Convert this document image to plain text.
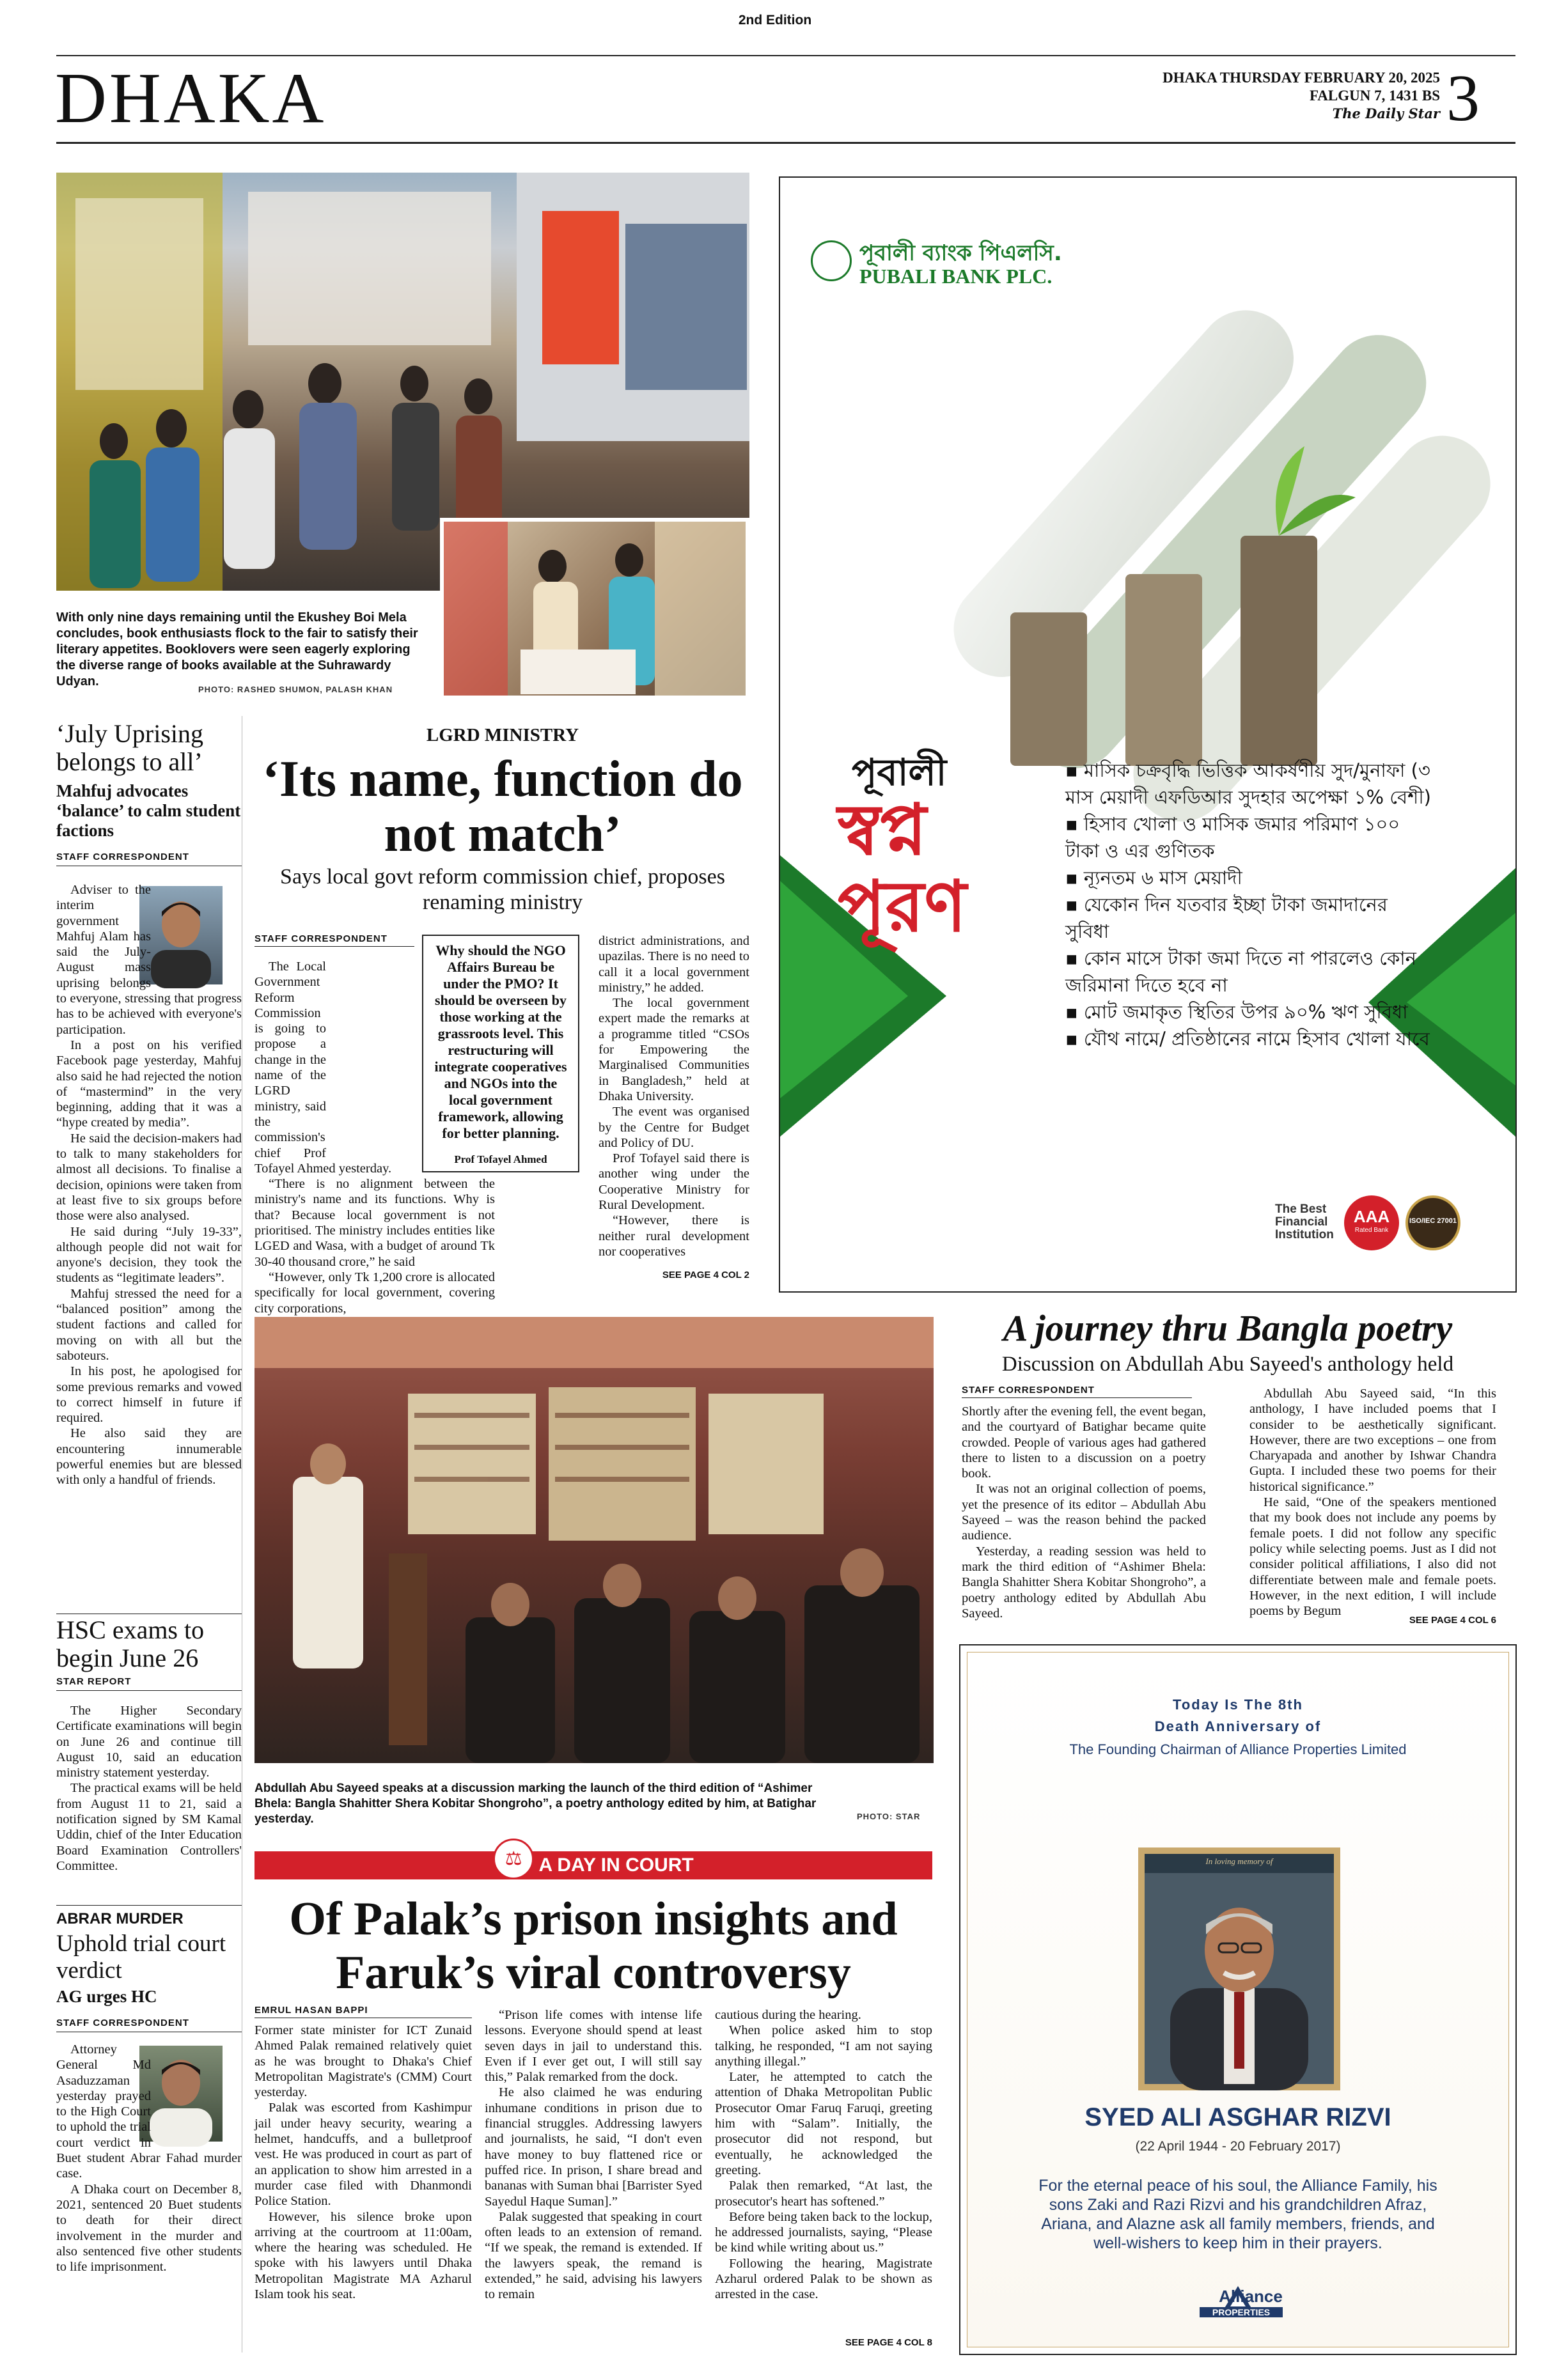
2nd Edition
DHAKA	DHAKA THURSDAY FEBRUARY 20, 2025
FALGUN 7, 1431 BS
The Daily Star 3
With only nine days remaining until the Ekushey Boi Mela concludes, book enthusiasts flock to the fair to satisfy their literary appetites. Booklovers were seen eagerly exploring the diverse range of books available at the Suhrawardy Udyan.
PHOTO: RASHED SHUMON, PALASH KHAN
‘July Uprising belongs to all’
Mahfuj advocates ‘balance’ to calm student factions
STAFF CORRESPONDENT

Adviser to the interim government Mahfuj Alam has said the July-August mass uprising belongs to everyone, stressing that progress has to be achieved with everyone's participation.

In a post on his verified Facebook page yesterday, Mahfuj also said he had rejected the notion of “mastermind” in the very beginning, adding that it was a “hype created by media”.

He said the decision-makers had to talk to many stakeholders for almost all decisions. To finalise a decision, opinions were taken from at least five to six groups before those were also analysed.

He said during “July 19-33”, although people did not wait for anyone's decision, they took the students as “legitimate leaders”.

Mahfuj stressed the need for a “balanced position” among the student factions and called for moving on with all but the saboteurs.

In his post, he apologised for some previous remarks and vowed to correct himself in future if required.

He also said they are encountering innumerable powerful enemies but are blessed with only a handful of friends.

HSC exams to begin June 26
STAR REPORT

The Higher Secondary Certificate examinations will begin on June 26 and continue till August 10, said an education ministry statement yesterday.

The practical exams will be held from August 11 to 21, said a notification signed by SM Kamal Uddin, chief of the Inter Education Board Examination Controllers' Committee.

ABRAR MURDER
Uphold trial court verdict
AG urges HC
STAFF CORRESPONDENT

Attorney General Md Asaduzzaman yesterday prayed to the High Court to uphold the trial court verdict in Buet student Abrar Fahad murder case.

A Dhaka court on December 8, 2021, sentenced 20 Buet students to death for their direct involvement in the murder and also sentenced five other students to life imprisonment.

LGRD MINISTRY
‘Its name, function do not match’
Says local govt reform commission chief, proposes renaming ministry
STAFF CORRESPONDENT

The Local Government Reform Commission is going to propose a change in the name of the LGRD ministry, said the commission's chief Prof Tofayel Ahmed yesterday.

“There is no alignment between the ministry's name and its functions. Why is that? Because local government is not prioritised. The ministry includes entities like LGED and Wasa, with a budget of around Tk 30-40 thousand crore,” he said

“However, only Tk 1,200 crore is allocated specifically for local government, covering city corporations,

Why should the NGO Affairs Bureau be under the PMO? It should be overseen by those working at the grassroots level. This restructuring will integrate cooperatives and NGOs into the local government framework, allowing for better planning.
Prof Tofayel Ahmed

district administrations, and upazilas. There is no need to call it a local government ministry,” he added.

The local government expert made the remarks at a programme titled “CSOs for Empowering the Marginalised Communities in Bangladesh,” held at Dhaka University.

The event was organised by the Centre for Budget and Policy of DU.

Prof Tofayel said there is another wing under the Cooperative Ministry for Rural Development.

“However, there is neither rural development nor cooperatives

SEE PAGE 4 COL 2
পূবালী ব্যাংক পিএলসি.
PUBALI BANK PLC.
পূবালী
স্বপ্ন পূরণ
▪ মাসিক চক্রবৃদ্ধি ভিত্তিক আকর্ষণীয় সুদ/মুনাফা (৩ মাস মেয়াদী এফডিআর সুদহার অপেক্ষা ১% বেশী)
▪ হিসাব খোলা ও মাসিক জমার পরিমাণ ১০০ টাকা ও এর গুণিতক
▪ ন্যূনতম ৬ মাস মেয়াদী
▪ যেকোন দিন যতবার ইচ্ছা টাকা জমাদানের সুবিধা
▪ কোন মাসে টাকা জমা দিতে না পারলেও কোন জরিমানা দিতে হবে না
▪ মোট জমাকৃত স্থিতির উপর ৯০% ঋণ সুবিধা
▪ যৌথ নামে/ প্রতিষ্ঠানের নামে হিসাব খোলা যাবে
The Best Financial Institution
AAA
Rated Bank
ISO/IEC 27001
A journey thru Bangla poetry
Discussion on Abdullah Abu Sayeed's anthology held
STAFF CORRESPONDENT

Shortly after the evening fell, the event began, and the courtyard of Batighar became quite crowded. People of various ages had gathered there to listen to a discussion on a poetry book.

It was not an original collection of poems, yet the presence of its editor – Abdullah Abu Sayeed – was the reason behind the packed audience.

Yesterday, a reading session was held to mark the third edition of “Ashimer Bhela: Bangla Shahitter Shera Kobitar Shongroho”, a poetry anthology edited by Abdullah Abu Sayeed.

Abdullah Abu Sayeed said, “In this anthology, I have included poems that I consider to be aesthetically significant. However, there are two exceptions – one from Charyapada and another by Ishwar Chandra Gupta. I included these two poems for their historical significance.”

He said, “One of the speakers mentioned that my book does not include any poems by female poets. I did not follow any specific policy while selecting poems. Just as I did not consider political affiliations, I also did not differentiate between male and female poets. However, in the next edition, I will include poems by Begum

SEE PAGE 4 COL 6
Abdullah Abu Sayeed speaks at a discussion marking the launch of the third edition of “Ashimer Bhela: Bangla Shahitter Shera Kobitar Shongroho”, a poetry anthology edited by him, at Batighar yesterday.	PHOTO: STAR
⚖ A DAY IN COURT
Of Palak’s prison insights and Faruk’s viral controversy
EMRUL HASAN BAPPI

Former state minister for ICT Zunaid Ahmed Palak remained relatively quiet as he was brought to Dhaka's Chief Metropolitan Magistrate's (CMM) Court yesterday.

Palak was escorted from Kashimpur jail under heavy security, wearing a helmet, handcuffs, and a bulletproof vest. He was produced in court as part of an application to show him arrested in a murder case filed with Dhanmondi Police Station.

However, his silence broke upon arriving at the courtroom at 11:00am, where the hearing was scheduled. He spoke with his lawyers until Dhaka Metropolitan Magistrate MA Azharul Islam took his seat.

“Prison life comes with intense life lessons. Everyone should spend at least seven days in jail to understand this. Even if I ever get out, I will still say this,” Palak remarked from the dock.

He also claimed he was enduring inhumane conditions in prison due to financial struggles. Addressing lawyers and journalists, he said, “I don't even have money to buy flattened rice or puffed rice. In prison, I share bread and bananas with Suman bhai [Barrister Syed Sayedul Haque Suman].”

Palak suggested that speaking in court often leads to an extension of remand. “If we speak, the remand is extended. If the lawyers speak, the remand is extended,” he said, advising his lawyers to remain

cautious during the hearing.

When police asked him to stop talking, he responded, “I am not saying anything illegal.”

Later, he attempted to catch the attention of Dhaka Metropolitan Public Prosecutor Omar Faruq Faruqi, greeting him with “Salam”. Initially, the prosecutor did not respond, but eventually, he acknowledged the greeting.

Palak then remarked, “At last, the prosecutor's heart has softened.”

Before being taken back to the lockup, he addressed journalists, saying, “Please be kind while writing about us.”

Following the hearing, Magistrate Azharul ordered Palak to be shown as arrested in the case.

SEE PAGE 4 COL 8
Today Is The 8th
Death Anniversary of
The Founding Chairman of Alliance Properties Limited
In loving memory of
SYED ALI ASGHAR RIZVI
(22 April 1944 - 20 February 2017)
For the eternal peace of his soul, the Alliance Family, his sons Zaki and Razi Rizvi and his grandchildren Afraz, Ariana, and Alazne ask all family members, friends, and well-wishers to keep him in their prayers.
Alliance
PROPERTIES
